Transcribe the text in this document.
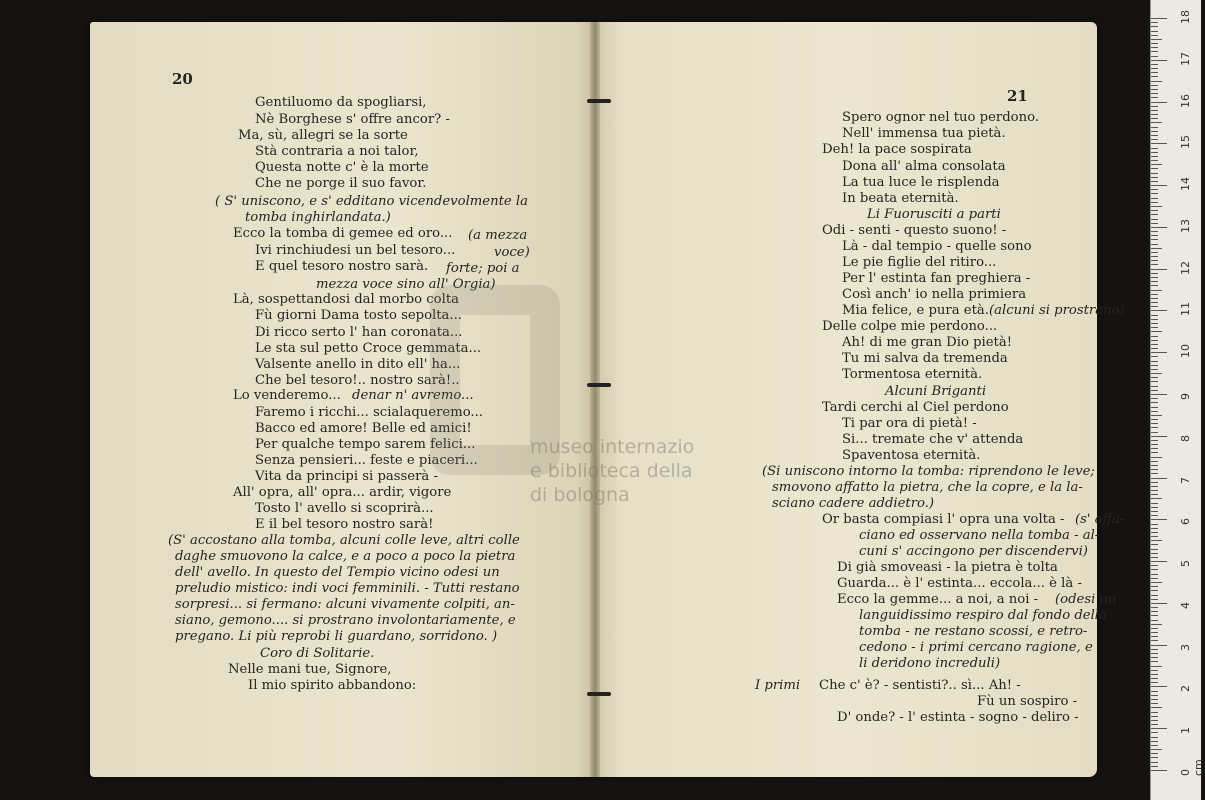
20
Gentiluomo da spogliarsi,
Nè Borghese s' offre ancor? -
Ma, sù, allegri se la sorte
Stà contraria a noi talor,
Questa notte c' è la morte
Che ne porge il suo favor.
( S' uniscono, e s' edditano vicendevolmente la
tomba inghirlandata.)
Ecco la tomba di gemee ed oro... (a mezza
Ivi rinchiudesi un bel tesoro...	voce)
E quel tesoro nostro sarà. forte; poi a
mezza voce sino all' Orgia)
Là, sospettandosi dal morbo colta
Fù giorni Dama tosto sepolta...
Di ricco serto l' han coronata...
Le sta sul petto Croce gemmata...
Valsente anello in dito ell' ha...
Che bel tesoro!.. nostro sarà!..
Lo venderemo... denar n' avremo...
Faremo i ricchi... scialaqueremo...
Bacco ed amore! Belle ed amici!
Per qualche tempo sarem felici...
Senza pensieri... feste e piaceri...
Vita da principi si passerà -
All' opra, all' opra... ardir, vigore
Tosto l' avello si scoprirà...
E il bel tesoro nostro sarà!
(S' accostano alla tomba, alcuni colle leve, altri colle
daghe smuovono la calce, e a poco a poco la pietra
dell' avello. In questo del Tempio vicino odesi un
preludio mistico: indi voci femminili. - Tutti restano
sorpresi... si fermano: alcuni vivamente colpiti, an-
siano, gemono.... si prostrano involontariamente, e
pregano. Li più reprobi li guardano, sorridono. )
Coro di Solitarie.
Nelle mani tue, Signore,
Il mio spirito abbandono:
21
Spero ognor nel tuo perdono.
Nell' immensa tua pietà.
Deh! la pace sospirata
Dona all' alma consolata
La tua luce le risplenda
In beata eternità.
Li Fuorusciti a parti
Odi - senti - questo suono! -
Là - dal tempio - quelle sono
Le pie figlie del ritiro...
Per l' estinta fan preghiera -
Così anch' io nella primiera
Mia felice, e pura età. (alcuni si prostrano)
Delle colpe mie perdono...
Ah! di me gran Dio pietà!
Tu mi salva da tremenda
Tormentosa eternità.
Alcuni Briganti
Tardi cerchi al Ciel perdono
Ti par ora di pietà! -
Si... tremate che v' attenda
Spaventosa eternità.
(Si uniscono intorno la tomba: riprendono le leve;
smovono affatto la pietra, che la copre, e la la-
sciano cadere addietro.)
Or basta compiasi l' opra una volta - (s' affa-
ciano ed osservano nella tomba - al-
cuni s' accingono per discendervi)
Di già smoveasi - la pietra è tolta
Guarda... è l' estinta... eccola... è là -
Ecco la gemme... a noi, a noi - (odesi un
languidissimo respiro dal fondo della
tomba - ne restano scossi, e retro-
cedono - i primi cercano ragione, e
li deridono increduli)
I primi Che c' è? - sentisti?.. sì... Ah! -
Fù un sospiro -
D' onde? - l' estinta - sogno - deliro -
museo internazio
e biblioteca della
di bologna
18
17
16
15
14
13
12
11
10
9
8
7
6
5
4
3
2
1
0 cm
